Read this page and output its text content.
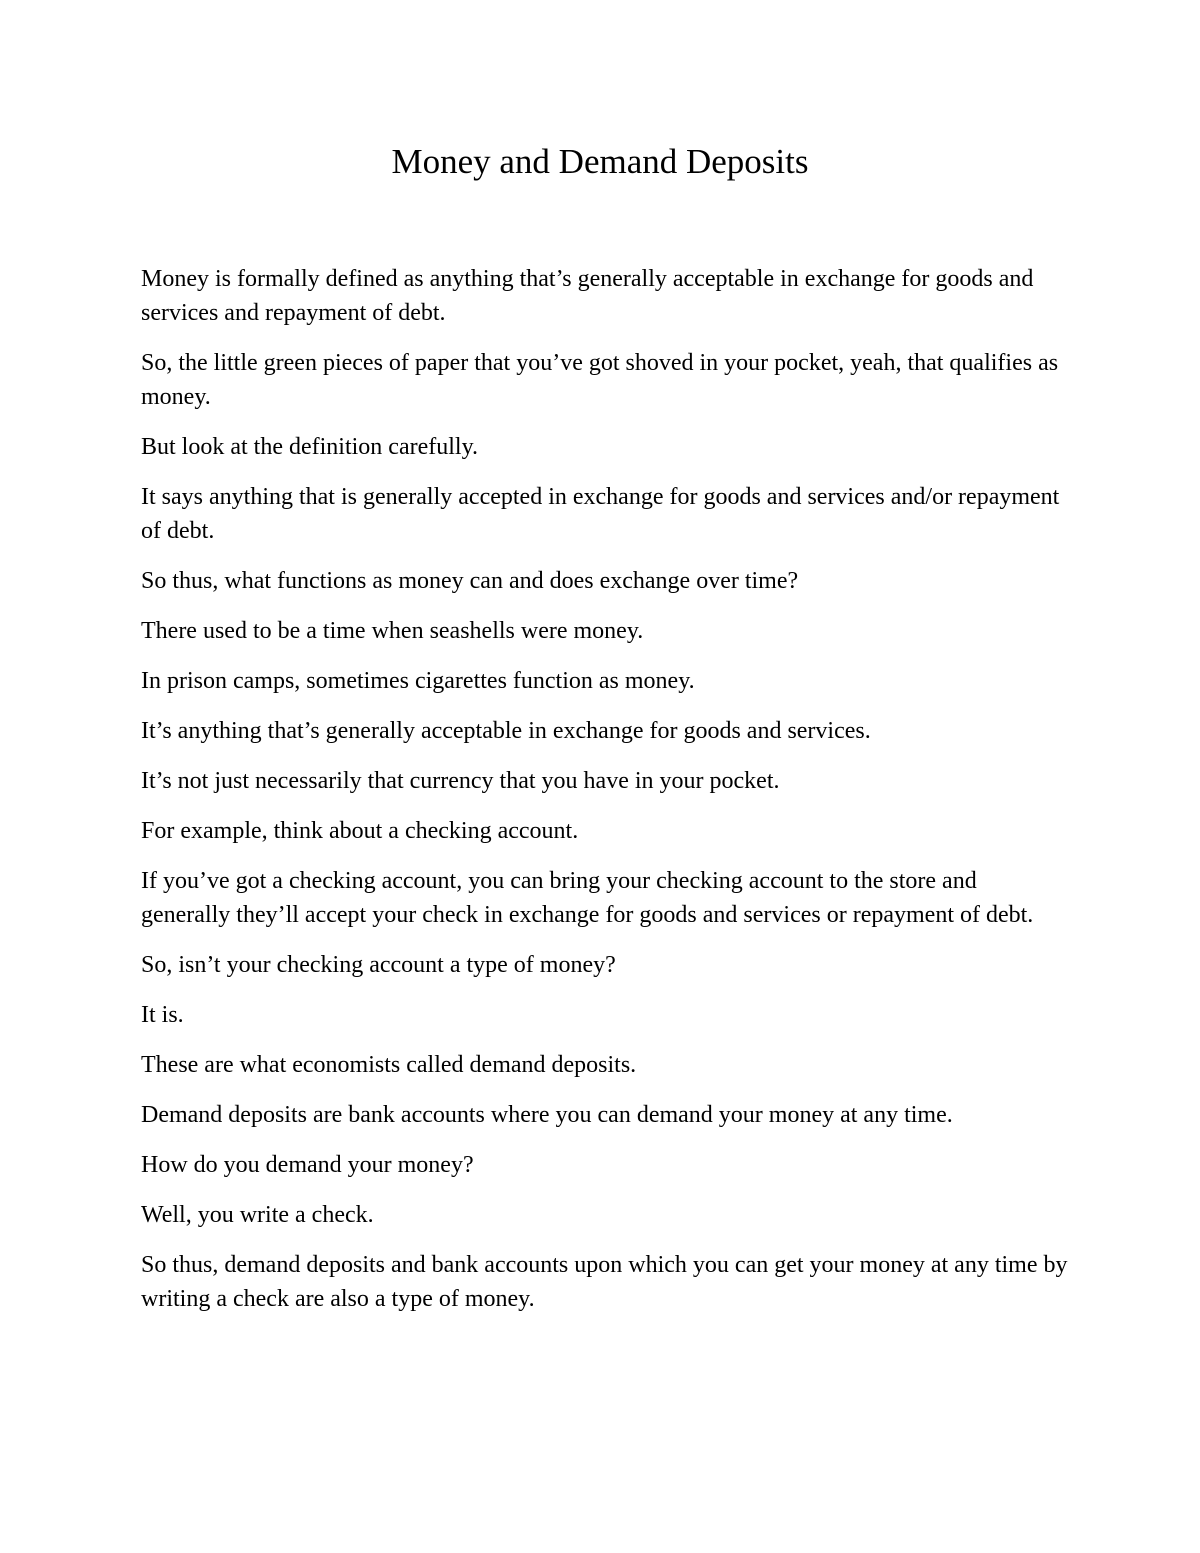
Money and Demand Deposits

Money is formally defined as anything that’s generally acceptable in exchange for goods and services and repayment of debt.

So, the little green pieces of paper that you’ve got shoved in your pocket, yeah, that qualifies as money.

But look at the definition carefully.

It says anything that is generally accepted in exchange for goods and services and/or repayment of debt.

So thus, what functions as money can and does exchange over time?

There used to be a time when seashells were money.

In prison camps, sometimes cigarettes function as money.

It’s anything that’s generally acceptable in exchange for goods and services.

It’s not just necessarily that currency that you have in your pocket.

For example, think about a checking account.

If you’ve got a checking account, you can bring your checking account to the store and generally they’ll accept your check in exchange for goods and services or repayment of debt.

So, isn’t your checking account a type of money?

It is.

These are what economists called demand deposits.

Demand deposits are bank accounts where you can demand your money at any time.

How do you demand your money?

Well, you write a check.

So thus, demand deposits and bank accounts upon which you can get your money at any time by writing a check are also a type of money.
